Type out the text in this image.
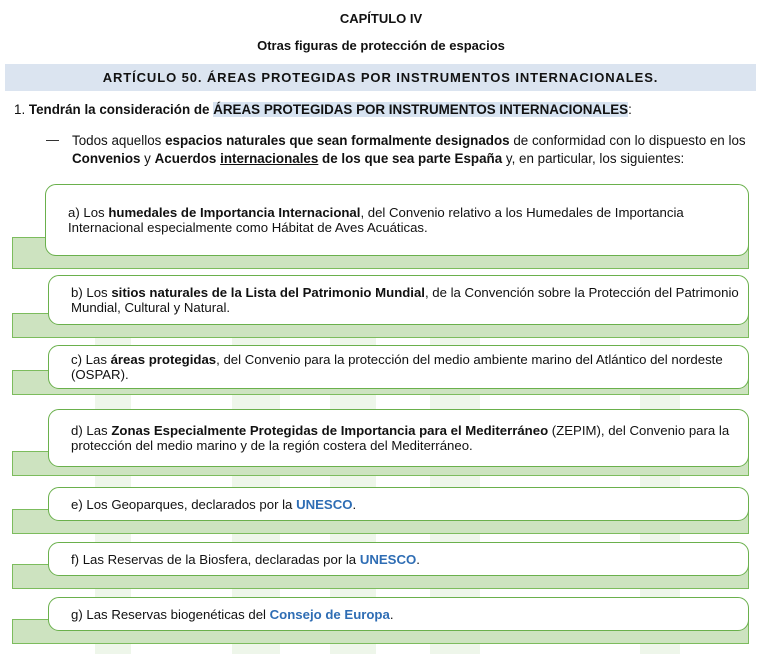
CAPÍTULO IV
Otras figuras de protección de espacios
ARTÍCULO 50. ÁREAS PROTEGIDAS POR INSTRUMENTOS INTERNACIONALES.
1. Tendrán la consideración de ÁREAS PROTEGIDAS POR INSTRUMENTOS INTERNACIONALES:
— Todos aquellos espacios naturales que sean formalmente designados de conformidad con lo dispuesto en los Convenios y Acuerdos internacionales de los que sea parte España y, en particular, los siguientes:
a) Los humedales de Importancia Internacional, del Convenio relativo a los Humedales de Importancia Internacional especialmente como Hábitat de Aves Acuáticas.
b) Los sitios naturales de la Lista del Patrimonio Mundial, de la Convención sobre la Protección del Patrimonio Mundial, Cultural y Natural.
c) Las áreas protegidas, del Convenio para la protección del medio ambiente marino del Atlántico del nordeste (OSPAR).
d) Las Zonas Especialmente Protegidas de Importancia para el Mediterráneo (ZEPIM), del Convenio para la protección del medio marino y de la región costera del Mediterráneo.
e) Los Geoparques, declarados por la UNESCO.
f) Las Reservas de la Biosfera, declaradas por la UNESCO.
g) Las Reservas biogenéticas del Consejo de Europa.
